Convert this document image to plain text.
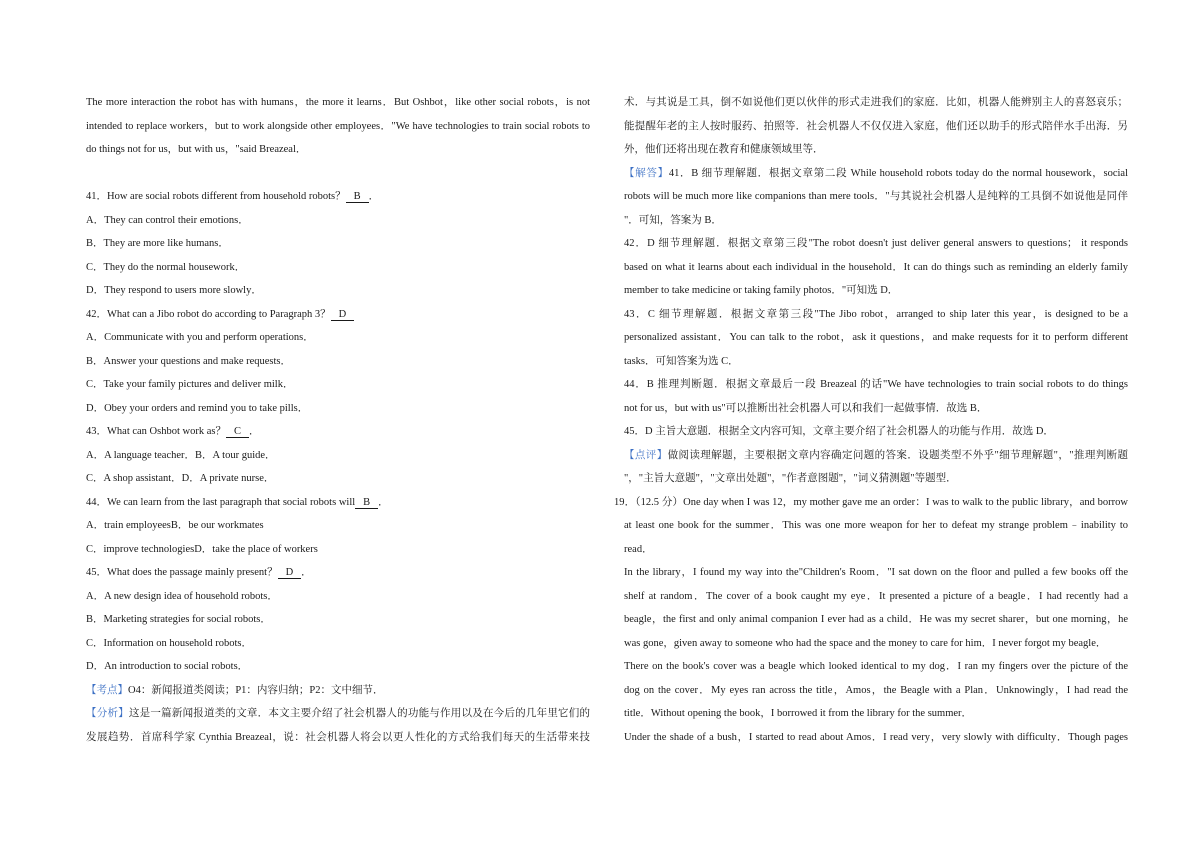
The more interaction the robot has with humans，the more it learns．But Oshbot，like other social robots，is not
intended to replace workers，but to work alongside other employees．"We have technologies to train social robots to
do things not for us，but with us，"said Breazeal．
41．How are social robots different from household robots？ B ．
A．They can control their emotions．
B．They are more like humans．
C．They do the normal housework．
D．They respond to users more slowly．
42．What can a Jibo robot do according to Paragraph 3？ D
A．Communicate with you and perform operations．
B．Answer your questions and make requests．
C．Take your family pictures and deliver milk．
D．Obey your orders and remind you to take pills．
43．What can Oshbot work as？ C ．
A．A language teacher．B．A tour guide．
C．A shop assistant．D．A private nurse．
44．We can learn from the last paragraph that social robots will B ．
A．train employeesB．be our workmates
C．improve technologiesD．take the place of workers
45．What does the passage mainly present？ D ．
A．A new design idea of household robots．
B．Marketing strategies for social robots．
C．Information on household robots．
D．An introduction to social robots．
【考点】O4：新闻报道类阅读；P1：内容归纳；P2：文中细节．
【分析】这是一篇新闻报道类的文章．本文主要介绍了社会机器人的功能与作用以及在今后的几年里它们的
发展趋势．首席科学家 Cynthia Breazeal，说：社会机器人将会以更人性化的方式给我们每天的生活带来技
术．与其说是工具，倒不如说他们更以伙伴的形式走进我们的家庭．比如，机器人能辨别主人的喜怒哀乐；
能提醒年老的主人按时服药、拍照等．社会机器人不仅仅进入家庭，他们还以助手的形式陪伴水手出海．另
外，他们还将出现在教育和健康领域里等．
【解答】41．B 细节理解题．根据文章第二段 While household robots today do the normal housework，social
robots will be much more like companions than mere tools．"与其说社会机器人是纯粹的工具倒不如说他是同伴
"．可知，答案为 B．
42．D 细节理解题．根据文章第三段"The robot doesn't just deliver general answers to questions； it responds
based on what it learns about each individual in the household．It can do things such as reminding an elderly family
member to take medicine or taking family photos．"可知选 D．
43．C 细节理解题．根据文章第三段"The Jibo robot，arranged to ship later this year，is designed to be a
personalized assistant．You can talk to the robot，ask it questions，and make requests for it to perform different
tasks．可知答案为选 C．
44．B 推理判断题．根据文章最后一段 Breazeal 的话"We have technologies to train social robots to do things
not for us，but with us"可以推断出社会机器人可以和我们一起做事情．故选 B．
45．D 主旨大意题．根据全文内容可知，文章主要介绍了社会机器人的功能与作用．故选 D．
【点评】做阅读理解题，主要根据文章内容确定问题的答案．设题类型不外乎"细节理解题"，"推理判断题
"，"主旨大意题"，"文章出处题"，"作者意图题"，"词义猜测题"等题型．
19．（12.5 分）One day when I was 12，my mother gave me an order：I was to walk to the public library，and borrow
at least one book for the summer．This was one more weapon for her to defeat my strange problem﹣inability to
read．
In the library，I found my way into the"Children's Room．"I sat down on the floor and pulled a few books off the
shelf at random．The cover of a book caught my eye．It presented a picture of a beagle．I had recently had a
beagle，the first and only animal companion I ever had as a child．He was my secret sharer，but one morning，he
was gone，given away to someone who had the space and the money to care for him．I never forgot my beagle．
There on the book's cover was a beagle which looked identical to my dog．I ran my fingers over the picture of the
dog on the cover．My eyes ran across the title，Amos，the Beagle with a Plan．Unknowingly，I had read the
title．Without opening the book，I borrowed it from the library for the summer．
Under the shade of a bush，I started to read about Amos．I read very，very slowly with difficulty．Though pages
